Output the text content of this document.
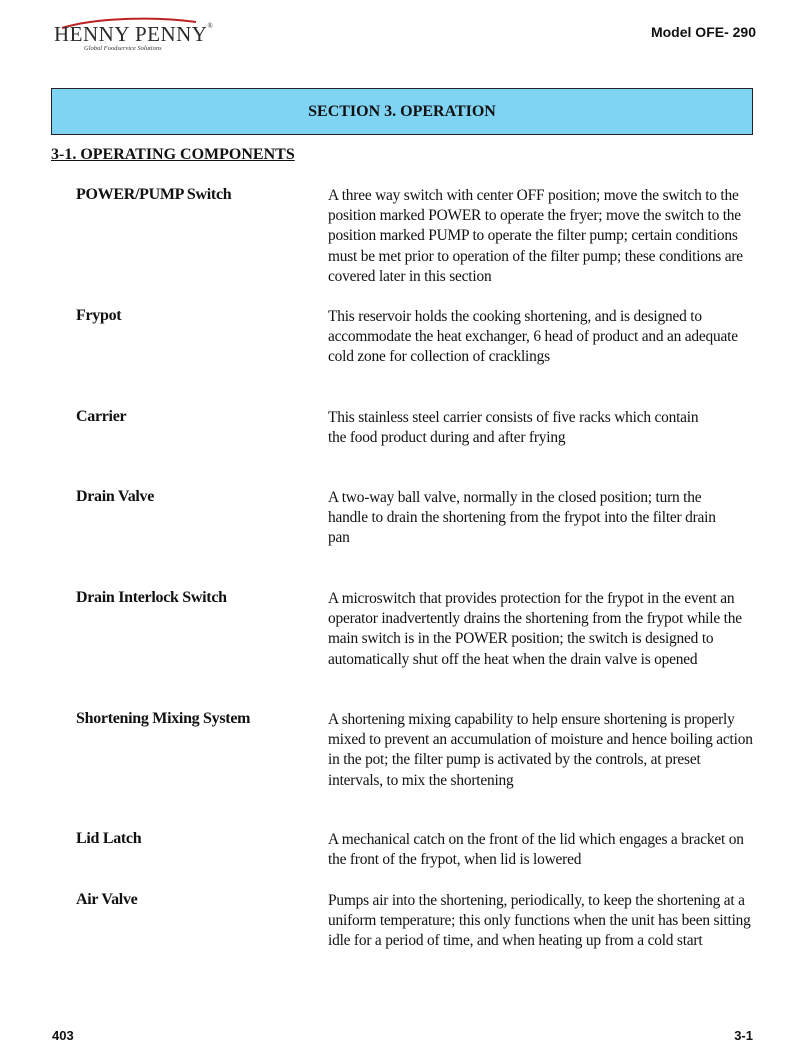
HENNY PENNY®
Global Foodservice Solutions
Model OFE- 290
SECTION 3. OPERATION
3-1. OPERATING COMPONENTS
POWER/PUMP Switch	A three way switch with center OFF position; move the switch to the position marked POWER to operate the fryer; move the switch to the position marked PUMP to operate the filter pump; certain conditions must be met prior to operation of the filter pump; these conditions are covered later in this section
Frypot	This reservoir holds the cooking shortening, and is designed to accommodate the heat exchanger, 6 head of product and an adequate cold zone for collection of cracklings
Carrier	This stainless steel carrier consists of five racks which contain the food product during and after frying
Drain Valve	A two-way ball valve, normally in the closed position; turn the handle to drain the shortening from the frypot into the filter drain pan
Drain Interlock Switch	A microswitch that provides protection for the frypot in the event an operator inadvertently drains the shortening from the frypot while the main switch is in the POWER position; the switch is designed to automatically shut off the heat when the drain valve is opened
Shortening Mixing System	A shortening mixing capability to help ensure shortening is properly mixed to prevent an accumulation of moisture and hence boiling action in the pot; the filter pump is activated by the controls, at preset intervals, to mix the shortening
Lid Latch	A mechanical catch on the front of the lid which engages a bracket on the front of the frypot, when lid is lowered
Air Valve	Pumps air into the shortening, periodically, to keep the shortening at a uniform temperature; this only functions when the unit has been sitting idle for a period of time, and when heating up from a cold start
403	3-1
